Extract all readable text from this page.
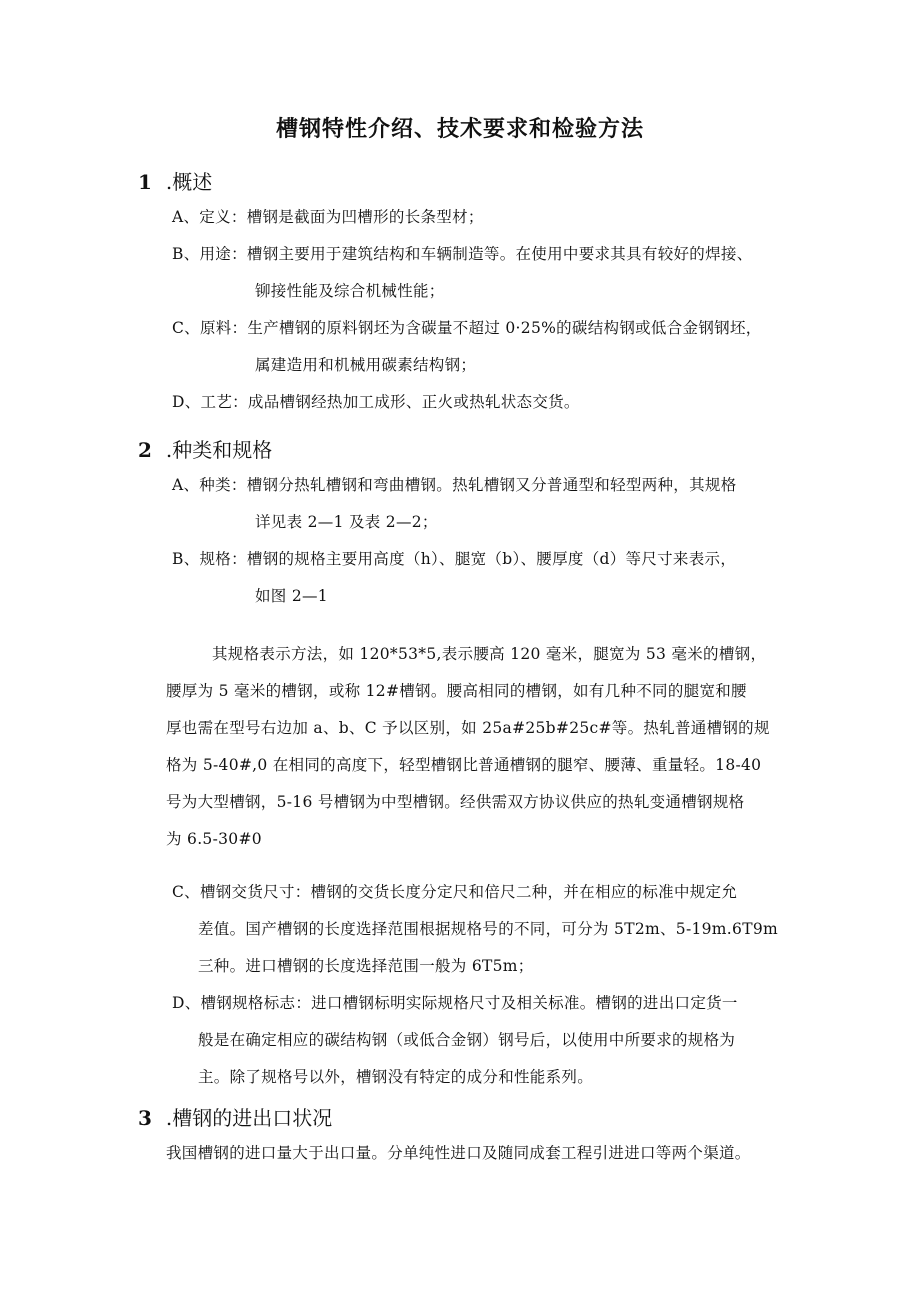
槽钢特性介绍、技术要求和检验方法
1 .概述
A、定义：槽钢是截面为凹槽形的长条型材；
B、用途：槽钢主要用于建筑结构和车辆制造等。在使用中要求其具有较好的焊接、
铆接性能及综合机械性能；
C、原料：生产槽钢的原料钢坯为含碳量不超过 0·25%的碳结构钢或低合金钢钢坯，
属建造用和机械用碳素结构钢；
D、工艺：成品槽钢经热加工成形、正火或热轧状态交货。
2 .种类和规格
A、种类：槽钢分热轧槽钢和弯曲槽钢。热轧槽钢又分普通型和轻型两种，其规格
详见表 2—1 及表 2—2；
B、规格：槽钢的规格主要用高度（h）、腿宽（b）、腰厚度（d）等尺寸来表示，
如图 2—1
其规格表示方法，如 120*53*5,表示腰高 120 毫米，腿宽为 53 毫米的槽钢，
腰厚为 5 毫米的槽钢，或称 12#槽钢。腰高相同的槽钢，如有几种不同的腿宽和腰
厚也需在型号右边加 a、b、C 予以区别，如 25a#25b#25c#等。热轧普通槽钢的规
格为 5-40#,0 在相同的高度下，轻型槽钢比普通槽钢的腿窄、腰薄、重量轻。18-40
号为大型槽钢，5-16 号槽钢为中型槽钢。经供需双方协议供应的热轧变通槽钢规格
为 6.5-30#0
C、槽钢交货尺寸：槽钢的交货长度分定尺和倍尺二种，并在相应的标准中规定允
差值。国产槽钢的长度选择范围根据规格号的不同，可分为 5T2m、5-19m.6T9m
三种。进口槽钢的长度选择范围一般为 6T5m；
D、槽钢规格标志：进口槽钢标明实际规格尺寸及相关标准。槽钢的进出口定货一
般是在确定相应的碳结构钢（或低合金钢）钢号后，以使用中所要求的规格为
主。除了规格号以外，槽钢没有特定的成分和性能系列。
3 .槽钢的进出口状况
我国槽钢的进口量大于出口量。分单纯性进口及随同成套工程引进进口等两个渠道。
